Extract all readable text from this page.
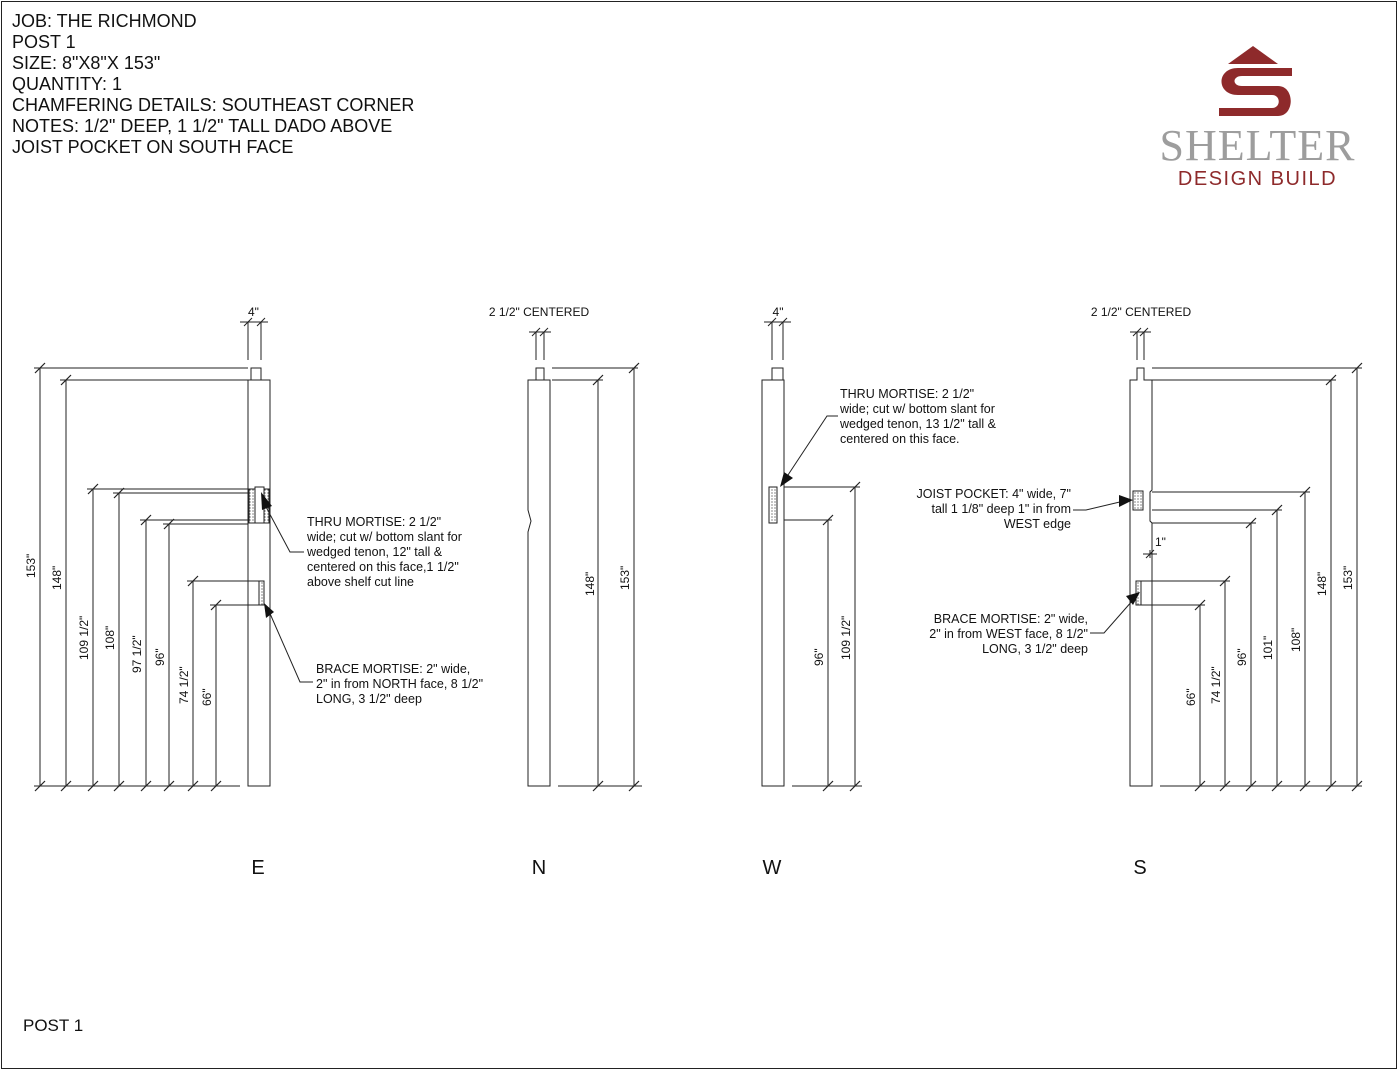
JOB: THE RICHMOND
POST 1
SIZE: 8"X8"X 153"
QUANTITY: 1
CHAMFERING DETAILS: SOUTHEAST CORNER
NOTES: 1/2" DEEP, 1 1/2" TALL DADO ABOVE
JOIST POCKET ON SOUTH FACE	SHELTER
DESIGN BUILD
4"
153" 148"
109 1/2" 108" 97 1/2" 96"
74 1/2" 66"
THRU MORTISE: 2 1/2"
wide; cut w/ bottom slant for
wedged tenon, 12" tall &
centered on this face,1 1/2"
above shelf cut line
BRACE MORTISE: 2" wide,
2" in from NORTH face, 8 1/2"
LONG, 3 1/2" deep
E
2 1/2" CENTERED
148" 153"
N
4"
96" 109 1/2"
THRU MORTISE: 2 1/2"
wide; cut w/ bottom slant for
wedged tenon, 13 1/2" tall &
centered on this face.
W
2 1/2" CENTERED
1"
66" 74 1/2"
96" 101" 108"
148" 153"
JOIST POCKET: 4" wide, 7"
tall 1 1/8" deep 1" in from
WEST edge
BRACE MORTISE: 2" wide,
2" in from WEST face, 8 1/2"
LONG, 3 1/2" deep
S
POST 1
